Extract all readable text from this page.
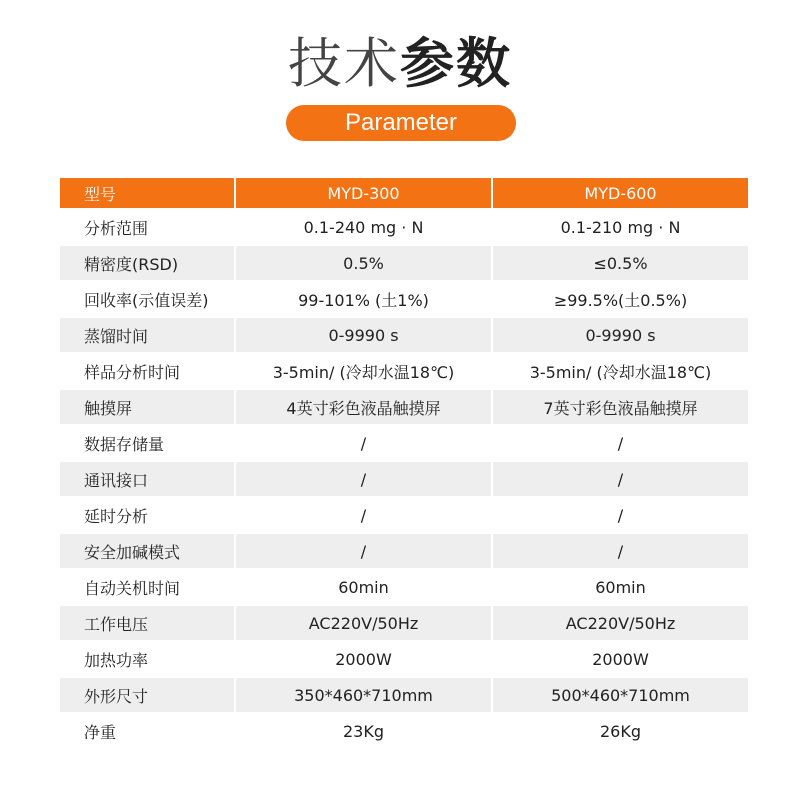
技术参数
Parameter
型号	MYD-300	MYD-600
分析范围	0.1-240 mg · N	0.1-210 mg · N
精密度(RSD)	0.5%	≤0.5%
回收率(示值误差)	99-101% (土1%)	≥99.5%(土0.5%)
蒸馏时间	0-9990 s	0-9990 s
样品分析时间	3-5min/ (冷却水温18℃)	3-5min/ (冷却水温18℃)
触摸屏	4英寸彩色液晶触摸屏	7英寸彩色液晶触摸屏
数据存储量	/	/
通讯接口	/	/
延时分析	/	/
安全加碱模式	/	/
自动关机时间	60min	60min
工作电压	AC220V/50Hz	AC220V/50Hz
加热功率	2000W	2000W
外形尺寸	350*460*710mm	500*460*710mm
净重	23Kg	26Kg
